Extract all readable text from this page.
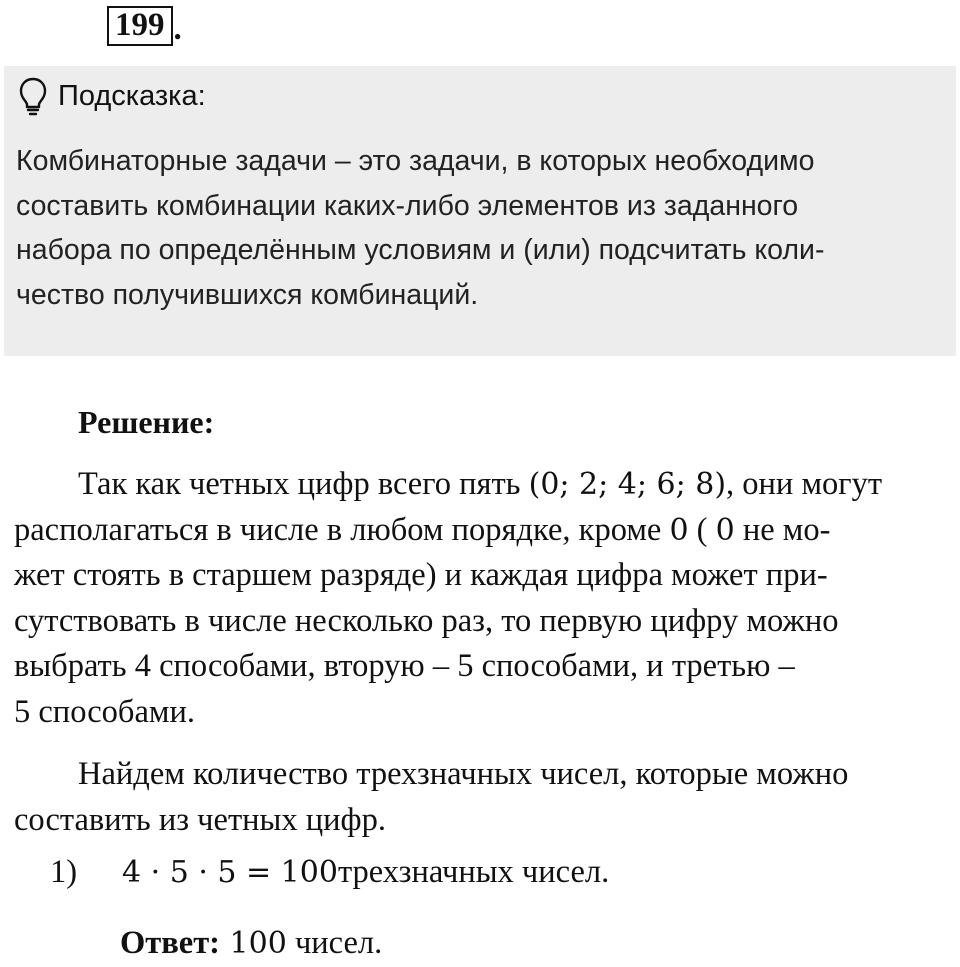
199 .
Подсказка:
Комбинаторные задачи – это задачи, в которых необходимо
составить комбинации каких-либо элементов из заданного
набора по определённым условиям и (или) подсчитать коли-
чество получившихся комбинаций.
Решение:
Так как четных цифр всего пять (0; 2; 4; 6; 8), они могут
располагаться в числе в любом порядке, кроме 0 ( 0 не мо-
жет стоять в старшем разряде) и каждая цифра может при-
сутствовать в числе несколько раз, то первую цифру можно
выбрать 4 способами, вторую – 5 способами, и третью –
5 способами.
Найдем количество трехзначных чисел, которые можно
составить из четных цифр.
1)	4 · 5 · 5 = 100 трехзначных чисел.
Ответ: 100 чисел.
